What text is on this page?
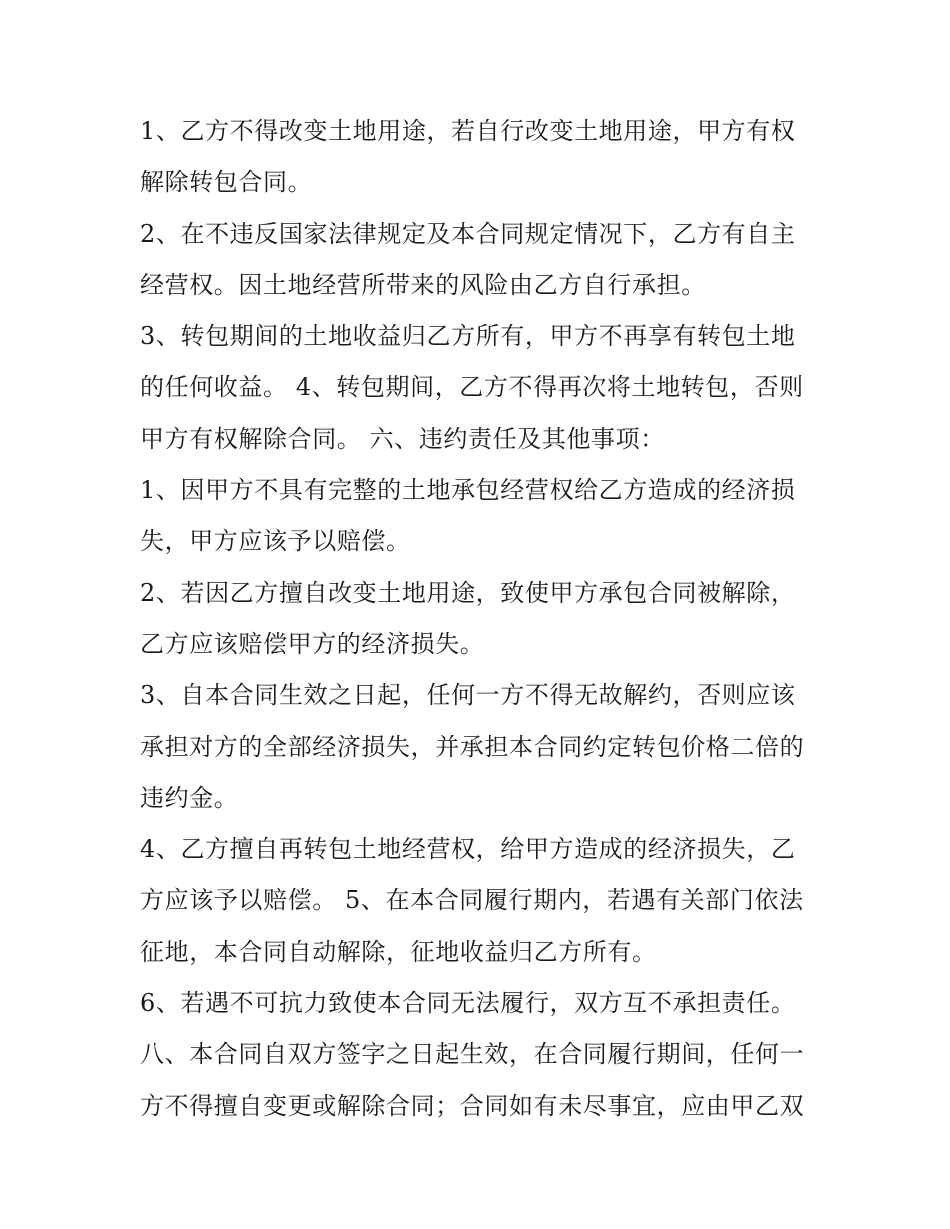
1、乙方不得改变土地用途，若自行改变土地用途，甲方有权
解除转包合同。
2、在不违反国家法律规定及本合同规定情况下，乙方有自主
经营权。因土地经营所带来的风险由乙方自行承担。
3、转包期间的土地收益归乙方所有，甲方不再享有转包土地
的任何收益。 4、转包期间，乙方不得再次将土地转包，否则
甲方有权解除合同。 六、违约责任及其他事项：
1、因甲方不具有完整的土地承包经营权给乙方造成的经济损
失，甲方应该予以赔偿。
2、若因乙方擅自改变土地用途，致使甲方承包合同被解除，
乙方应该赔偿甲方的经济损失。
3、自本合同生效之日起，任何一方不得无故解约，否则应该
承担对方的全部经济损失，并承担本合同约定转包价格二倍的
违约金。
4、乙方擅自再转包土地经营权，给甲方造成的经济损失，乙
方应该予以赔偿。 5、在本合同履行期内，若遇有关部门依法
征地，本合同自动解除，征地收益归乙方所有。
6、若遇不可抗力致使本合同无法履行，双方互不承担责任。
八、本合同自双方签字之日起生效，在合同履行期间，任何一
方不得擅自变更或解除合同；合同如有未尽事宜，应由甲乙双
